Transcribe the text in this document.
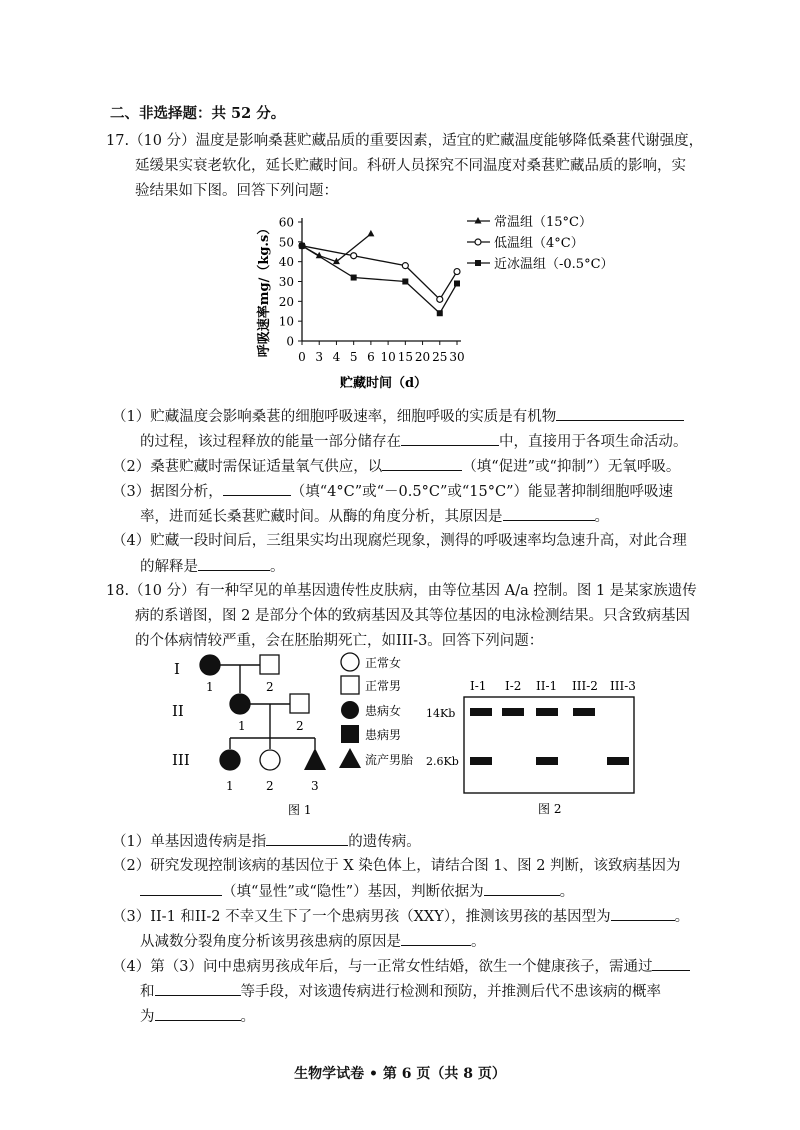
二、非选择题：共 52 分。
17.（10 分）温度是影响桑葚贮藏品质的重要因素，适宜的贮藏温度能够降低桑葚代谢强度，
延缓果实衰老软化，延长贮藏时间。科研人员探究不同温度对桑葚贮藏品质的影响，实
验结果如下图。回答下列问题：
0
10
20
30
40
50
60
0 3 4 5 6 10 15 20 25 30
贮藏时间（d）
呼吸速率mg/（kg.s）	常温组（15°C）
低温组（4°C）
近冰温组（-0.5°C）
（1）贮藏温度会影响桑葚的细胞呼吸速率，细胞呼吸的实质是有机物
的过程，该过程释放的能量一部分储存在	中，直接用于各项生命活动。
（2）桑葚贮藏时需保证适量氧气供应，以	（填“促进”或“抑制”）无氧呼吸。
（3）据图分析，	（填“4°C”或“－0.5°C”或“15°C”）能显著抑制细胞呼吸速
率，进而延长桑葚贮藏时间。从酶的角度分析，其原因是	。
（4）贮藏一段时间后，三组果实均出现腐烂现象，测得的呼吸速率均急速升高，对此合理
的解释是	。
18.（10 分）有一种罕见的单基因遗传性皮肤病，由等位基因 A/a 控制。图 1 是某家族遗传
病的系谱图，图 2 是部分个体的致病基因及其等位基因的电泳检测结果。只含致病基因
的个体病情较严重，会在胚胎期死亡，如III-3。回答下列问题：
I
II
III
1	2
1	2
1	2	3
正常女
正常男
患病女
患病男
流产男胎
图 1
I-1 I-2 II-1 III-2 III-3
14Kb
2.6Kb
图 2
（1）单基因遗传病是指	的遗传病。
（2）研究发现控制该病的基因位于 X 染色体上，请结合图 1、图 2 判断，该致病基因为
（填“显性”或“隐性”）基因，判断依据为	。
（3）II-1 和II-2 不幸又生下了一个患病男孩（XXY），推测该男孩的基因型为	。
从减数分裂角度分析该男孩患病的原因是	。
（4）第（3）问中患病男孩成年后，与一正常女性结婚，欲生一个健康孩子，需通过
和	等手段，对该遗传病进行检测和预防，并推测后代不患该病的概率
为	。
生物学试卷 • 第 6 页（共 8 页）
